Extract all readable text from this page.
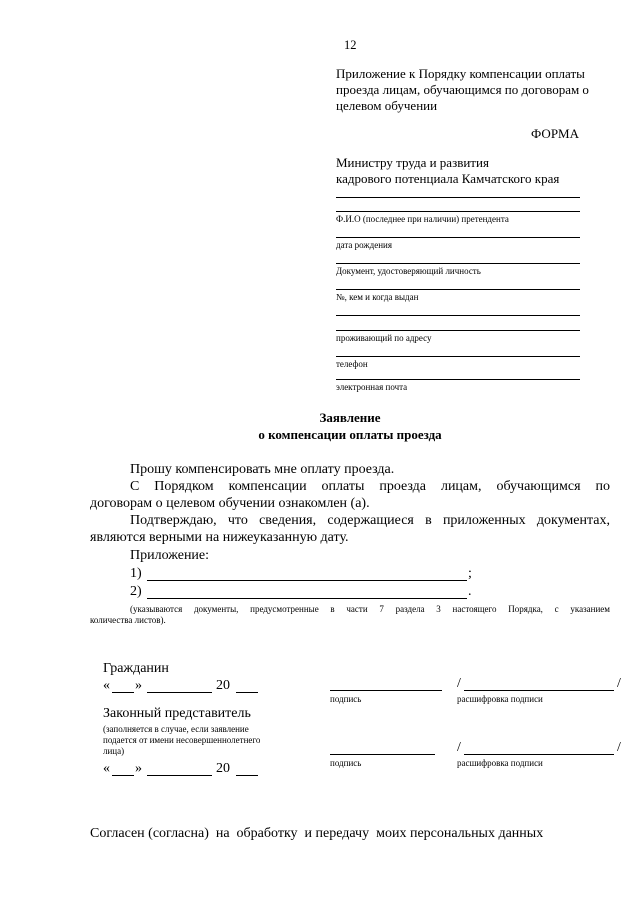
12
Приложение к Порядку компенсации оплаты
проезда лицам, обучающимся по договорам о
целевом обучении
ФОРМА
Министру труда и развития
кадрового потенциала Камчатского края
Ф.И.О (последнее при наличии) претендента
дата рождения
Документ, удостоверяющий личность
№, кем и когда выдан
проживающий по адресу
телефон
электронная почта
Заявление
о компенсации оплаты проезда
Прошу компенсировать мне оплату проезда.
С Порядком компенсации оплаты проезда лицам, обучающимся по
договорам о целевом обучении ознакомлен (а).
Подтверждаю, что сведения, содержащиеся в приложенных документах,
являются верными на нижеуказанную дату.
Приложение:
1)	;
2)	.
(указываются документы, предусмотренные в части 7 раздела 3 настоящего Порядка, с указанием
количества листов).
Гражданин
« »	20
подпись
/	/
расшифровка подписи
Законный представитель
(заполняется в случае, если заявление
подается от имени несовершеннолетнего
лица)
« »	20	подпись
/	/
расшифровка подписи
Согласен (согласна)  на  обработку  и передачу  моих персональных данных
